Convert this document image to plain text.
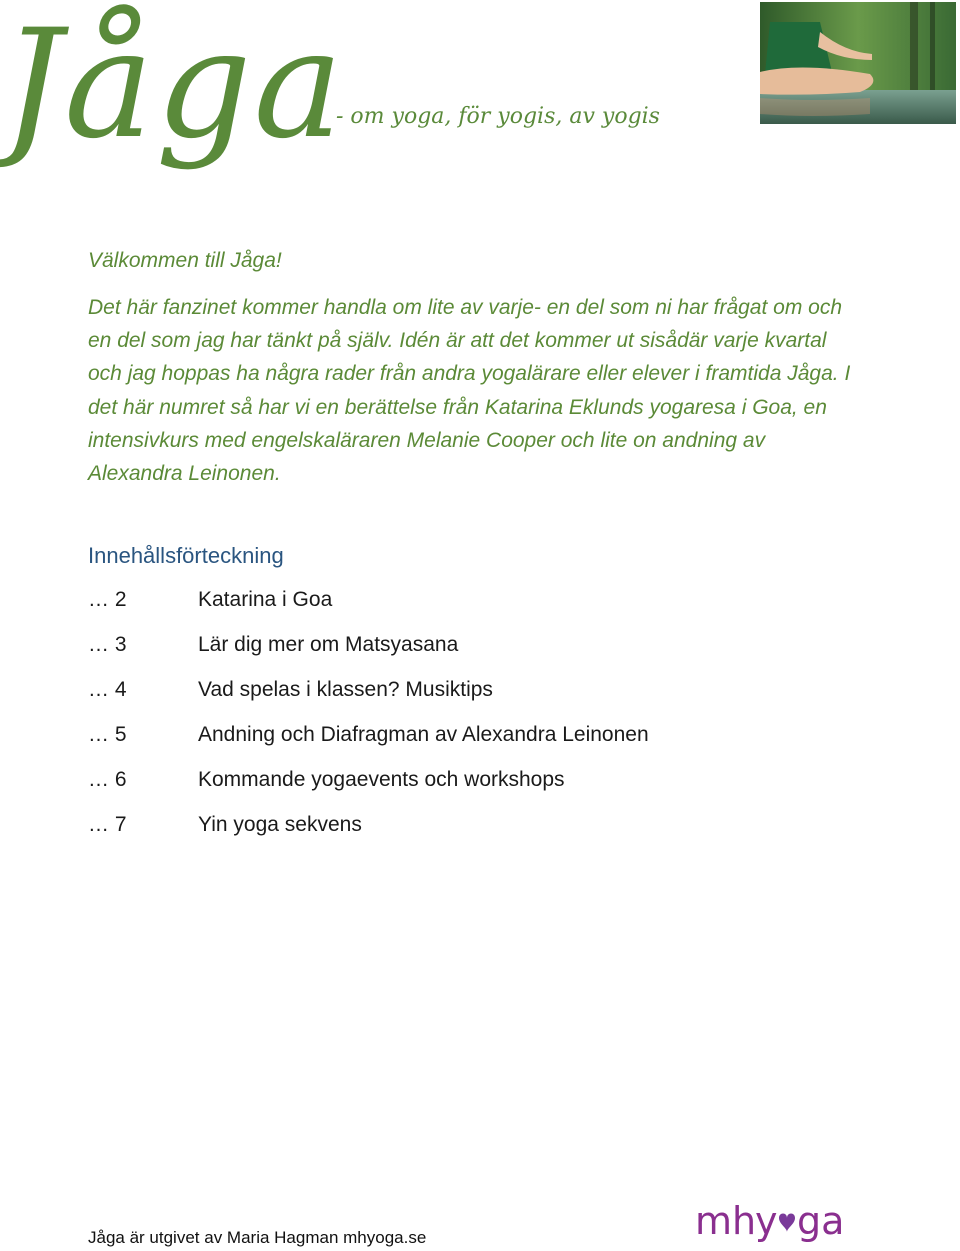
Jåga
- om yoga, för yogis, av yogis
Välkommen till Jåga!
Det här fanzinet kommer handla om lite av varje- en del som ni har frågat om och en del som jag har tänkt på själv. Idén är att det kommer ut sisådär varje kvartal och jag hoppas ha några rader från andra yogalärare eller elever i framtida Jåga. I det här numret så har vi en berättelse från Katarina Eklunds yogaresa i Goa, en intensivkurs med engelskaläraren Melanie Cooper och lite on andning av Alexandra Leinonen.
Innehållsförteckning
… 2	Katarina i Goa
… 3	Lär dig mer om Matsyasana
… 4	Vad spelas i klassen? Musiktips
… 5	Andning och Diafragman av Alexandra Leinonen
… 6	Kommande yogaevents och workshops
… 7	Yin yoga sekvens
Jåga är utgivet av Maria Hagman mhyoga.se	mh
y ga
